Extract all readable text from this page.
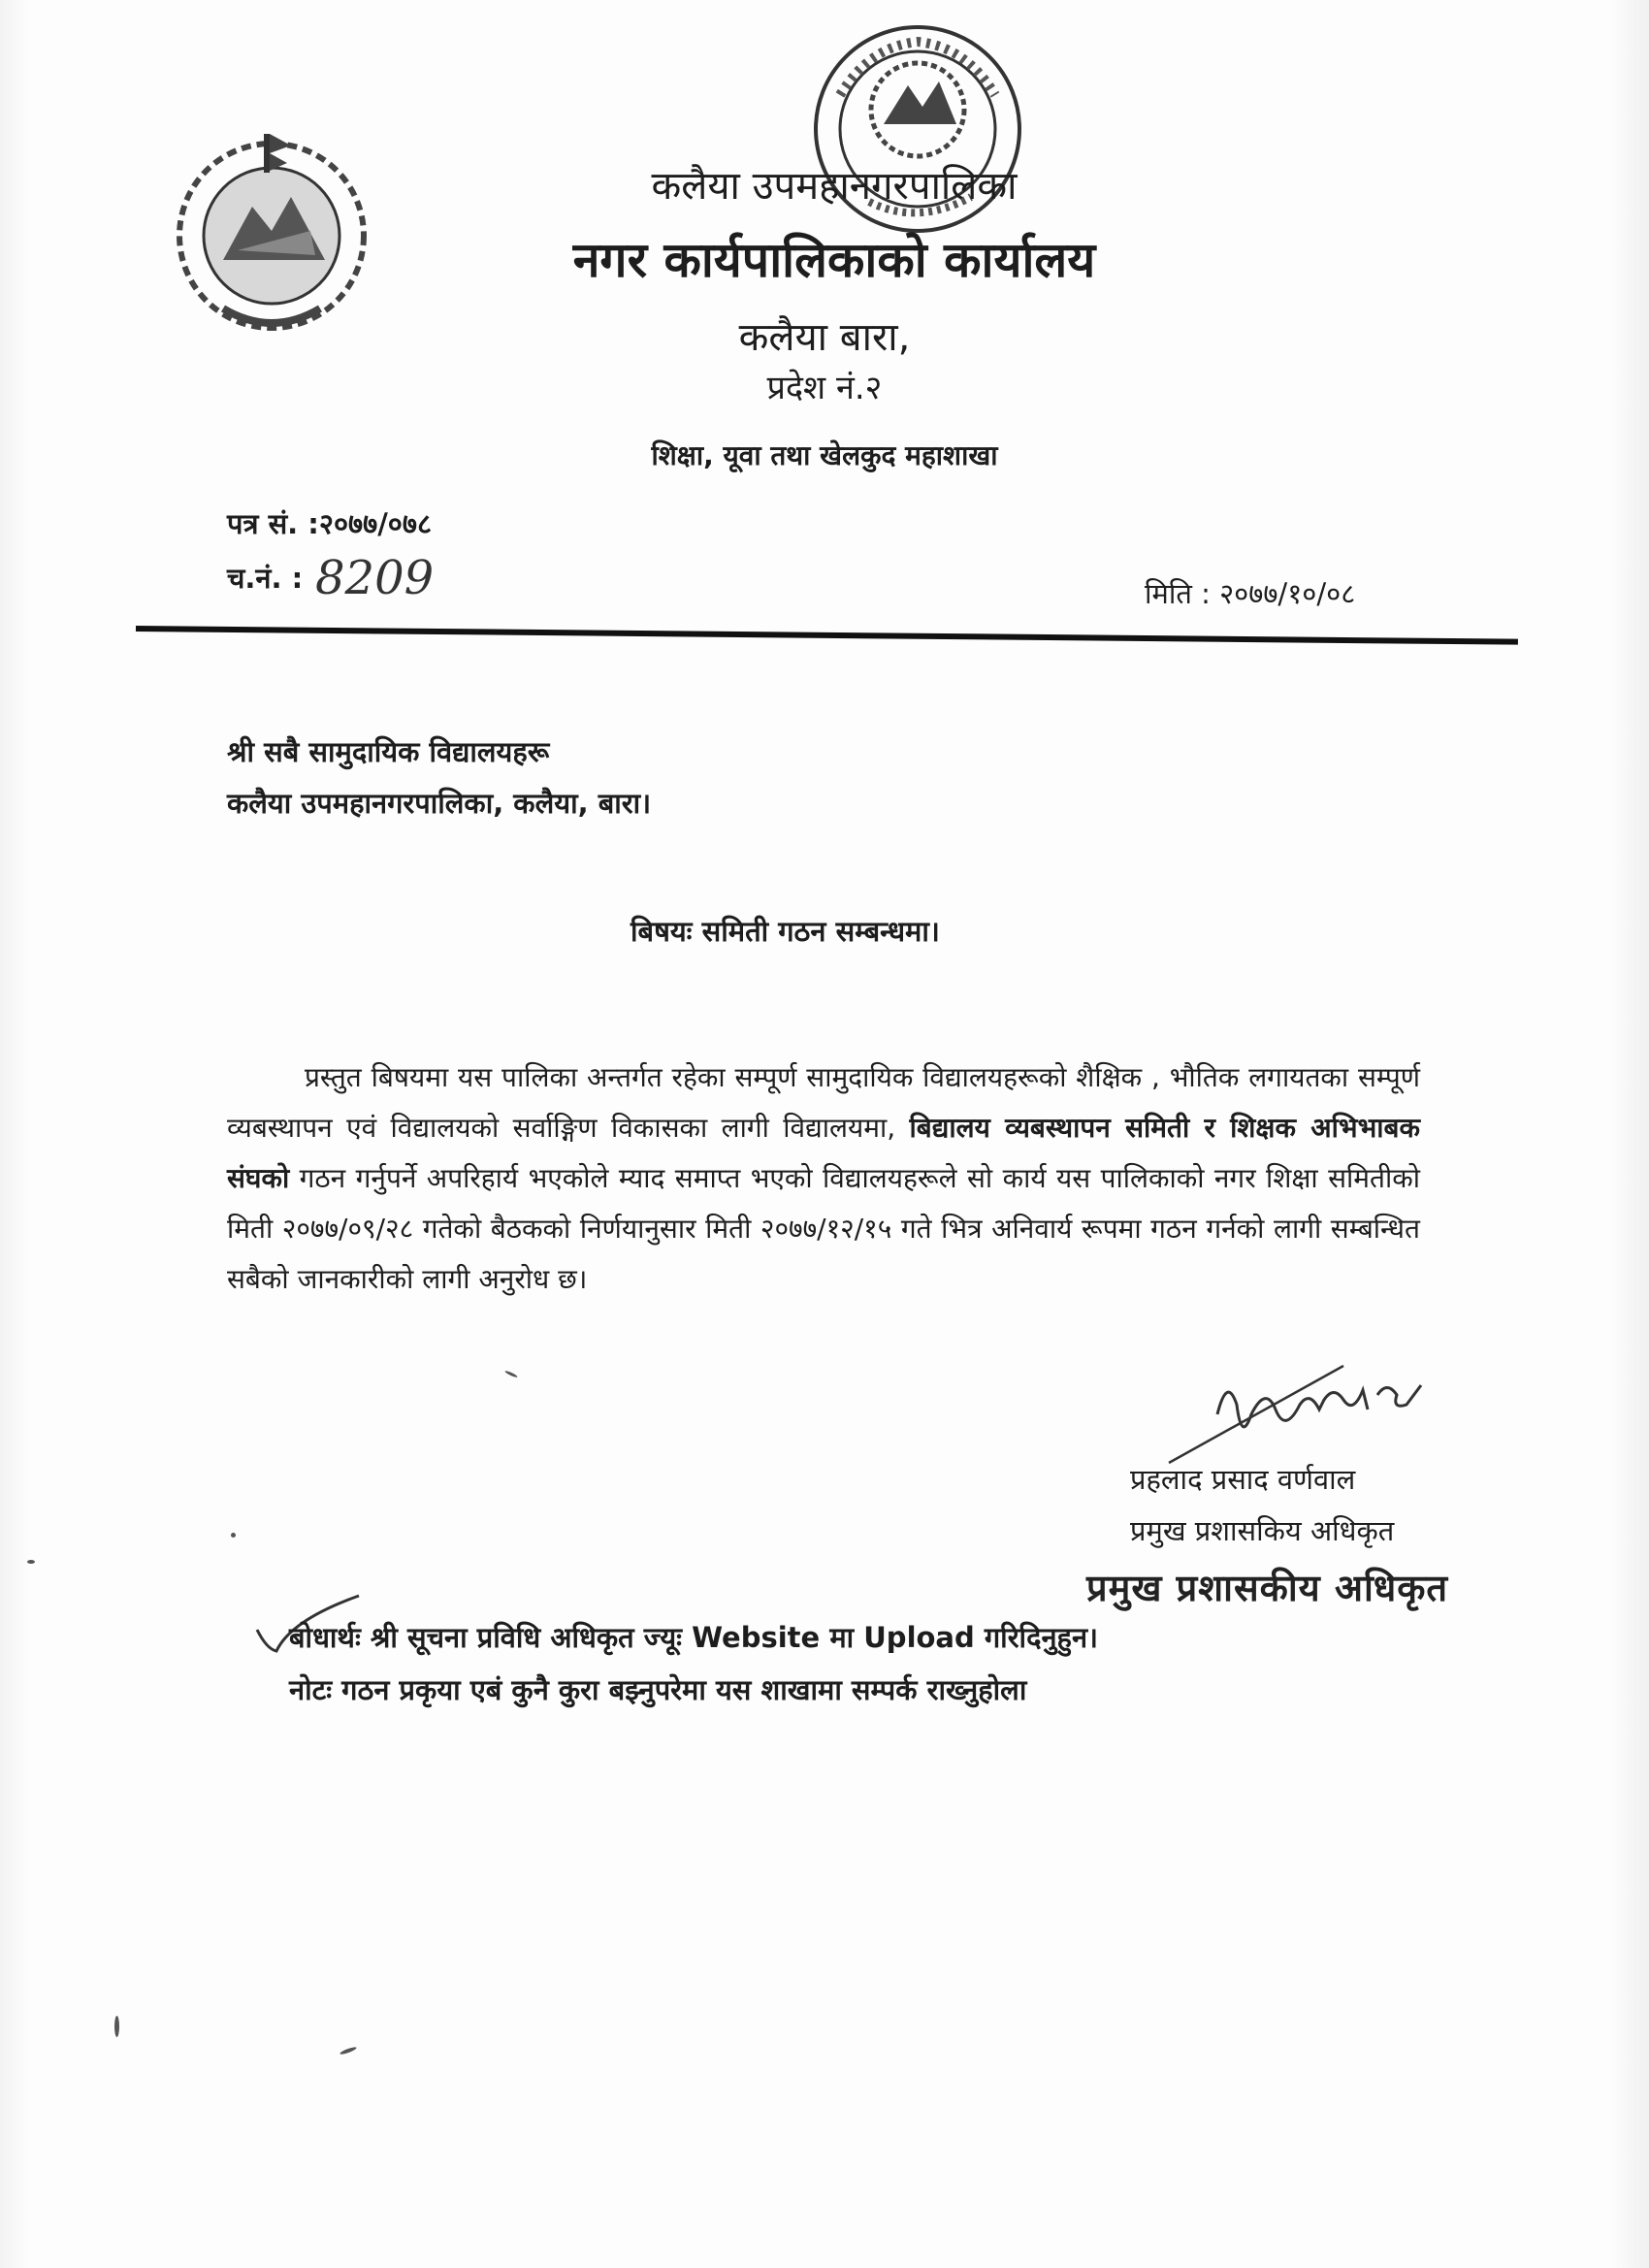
कलैया उपमहानगरपालिका
नगर कार्यपालिकाको कार्यालय
कलैया बारा,
प्रदेश नं.२
शिक्षा, यूवा तथा खेलकुद महाशाखा
पत्र सं. :२०७७/०७८
च.नं. : 8209	मिति : २०७७/१०/०८
श्री सबै सामुदायिक विद्यालयहरू
कलैया उपमहानगरपालिका, कलैया, बारा।
बिषयः समिती गठन सम्बन्धमा।
प्रस्तुत बिषयमा यस पालिका अन्तर्गत रहेका सम्पूर्ण सामुदायिक विद्यालयहरूको शैक्षिक , भौतिक लगायतका सम्पूर्ण व्यबस्थापन एवं विद्यालयको सर्वाङ्गिण विकासका लागी विद्यालयमा, बिद्यालय व्यबस्थापन समिती र शिक्षक अभिभाबक संघको गठन गर्नुपर्ने अपरिहार्य भएकोले म्याद समाप्त भएको विद्यालयहरूले सो कार्य यस पालिकाको नगर शिक्षा समितीको मिती २०७७/०९/२८ गतेको बैठकको निर्णयानुसार मिती २०७७/१२/१५ गते भित्र अनिवार्य रूपमा गठन गर्नको लागी सम्बन्धित सबैको जानकारीको लागी अनुरोध छ।
प्रहलाद प्रसाद वर्णवाल
प्रमुख प्रशासकिय अधिकृत
प्रमुख प्रशासकीय अधिकृत
बोधार्थः श्री सूचना प्रविधि अधिकृत ज्यूः Website मा Upload गरिदिनुहुन।
नोटः गठन प्रकृया एबं कुनै कुरा बझ्नुपरेमा यस शाखामा सम्पर्क राख्नुहोला
